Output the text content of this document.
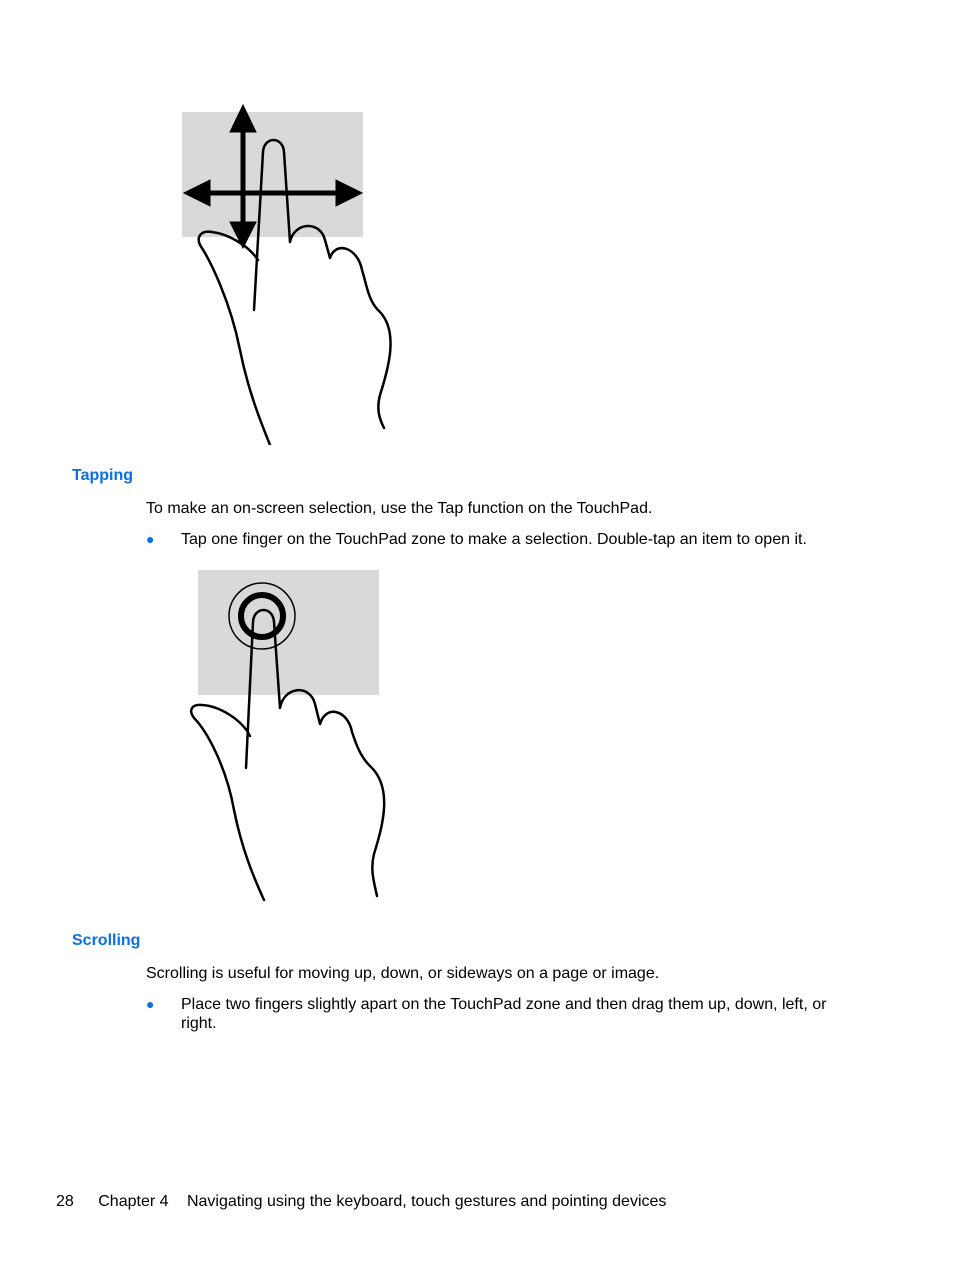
Tapping

To make an on-screen selection, use the Tap function on the TouchPad.

● Tap one finger on the TouchPad zone to make a selection. Double-tap an item to open it.
Scrolling

Scrolling is useful for moving up, down, or sideways on a page or image.

● Place two fingers slightly apart on the TouchPad zone and then drag them up, down, left, or right.
28 Chapter 4 Navigating using the keyboard, touch gestures and pointing devices
